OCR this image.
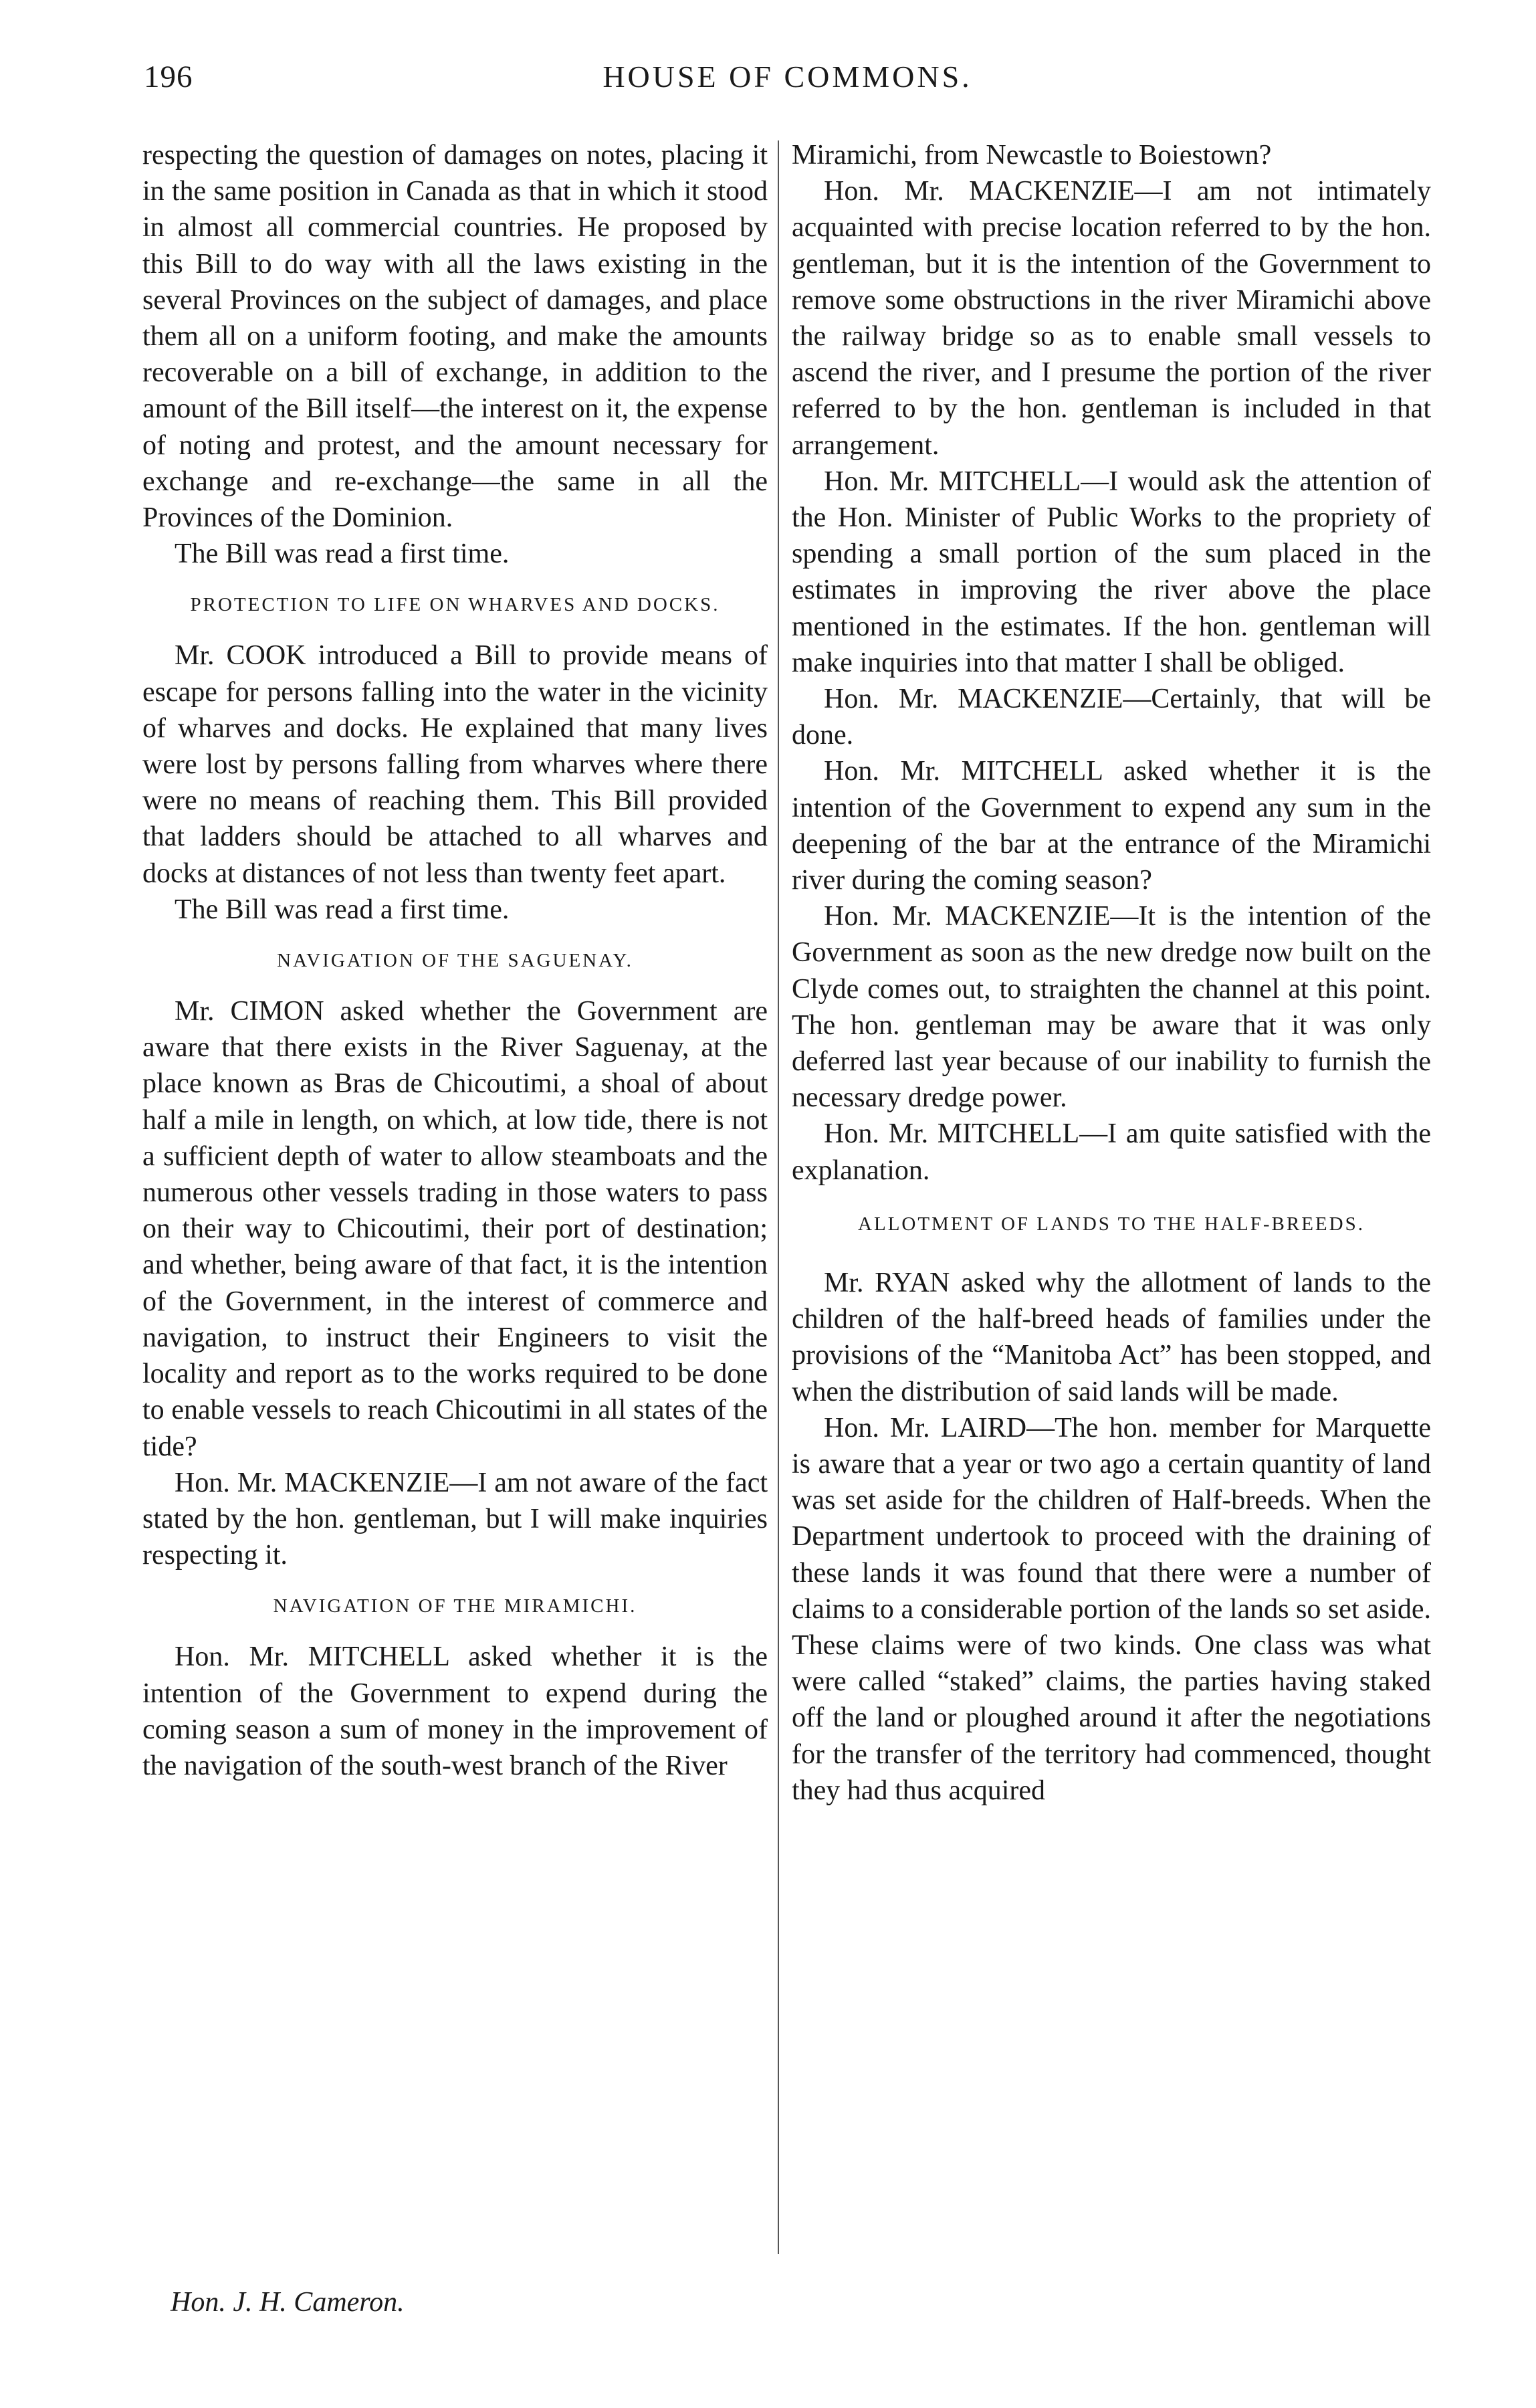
196	HOUSE OF COMMONS.

respecting the question of damages on notes, placing it in the same position in Canada as that in which it stood in almost all commercial countries. He proposed by this Bill to do way with all the laws existing in the several Provinces on the subject of damages, and place them all on a uniform footing, and make the amounts recoverable on a bill of exchange, in addition to the amount of the Bill itself—the interest on it, the expense of noting and protest, and the amount necessary for exchange and re-exchange—the same in all the Provinces of the Dominion.

The Bill was read a first time.

PROTECTION TO LIFE ON WHARVES AND DOCKS.

Mr. COOK introduced a Bill to provide means of escape for persons falling into the water in the vicinity of wharves and docks. He explained that many lives were lost by persons falling from wharves where there were no means of reaching them. This Bill provided that ladders should be attached to all wharves and docks at distances of not less than twenty feet apart.

The Bill was read a first time.

NAVIGATION OF THE SAGUENAY.

Mr. CIMON asked whether the Government are aware that there exists in the River Saguenay, at the place known as Bras de Chicoutimi, a shoal of about half a mile in length, on which, at low tide, there is not a sufficient depth of water to allow steamboats and the numerous other vessels trading in those waters to pass on their way to Chicoutimi, their port of destination; and whether, being aware of that fact, it is the intention of the Government, in the interest of commerce and navigation, to instruct their Engineers to visit the locality and report as to the works required to be done to enable vessels to reach Chicoutimi in all states of the tide?

Hon. Mr. MACKENZIE—I am not aware of the fact stated by the hon. gentleman, but I will make inquiries respecting it.

NAVIGATION OF THE MIRAMICHI.

Hon. Mr. MITCHELL asked whether it is the intention of the Government to expend during the coming season a sum of money in the improvement of the navigation of the south-west branch of the River

Miramichi, from Newcastle to Boiestown?

Hon. Mr. MACKENZIE—I am not intimately acquainted with precise location referred to by the hon. gentleman, but it is the intention of the Government to remove some obstructions in the river Miramichi above the railway bridge so as to enable small vessels to ascend the river, and I presume the portion of the river referred to by the hon. gentleman is included in that arrangement.

Hon. Mr. MITCHELL—I would ask the attention of the Hon. Minister of Public Works to the propriety of spending a small portion of the sum placed in the estimates in improving the river above the place mentioned in the estimates. If the hon. gentleman will make inquiries into that matter I shall be obliged.

Hon. Mr. MACKENZIE—Certainly, that will be done.

Hon. Mr. MITCHELL asked whether it is the intention of the Government to expend any sum in the deepening of the bar at the entrance of the Miramichi river during the coming season?

Hon. Mr. MACKENZIE—It is the intention of the Government as soon as the new dredge now built on the Clyde comes out, to straighten the channel at this point. The hon. gentleman may be aware that it was only deferred last year because of our inability to furnish the necessary dredge power.

Hon. Mr. MITCHELL—I am quite satisfied with the explanation.

ALLOTMENT OF LANDS TO THE HALF-BREEDS.

Mr. RYAN asked why the allotment of lands to the children of the half-breed heads of families under the provisions of the “Manitoba Act” has been stopped, and when the distribution of said lands will be made.

Hon. Mr. LAIRD—The hon. member for Marquette is aware that a year or two ago a certain quantity of land was set aside for the children of Half-breeds. When the Department undertook to proceed with the draining of these lands it was found that there were a number of claims to a considerable portion of the lands so set aside. These claims were of two kinds. One class was what were called “staked” claims, the parties having staked off the land or ploughed around it after the negotiations for the transfer of the territory had commenced, thought they had thus acquired

Hon. J. H. Cameron.
